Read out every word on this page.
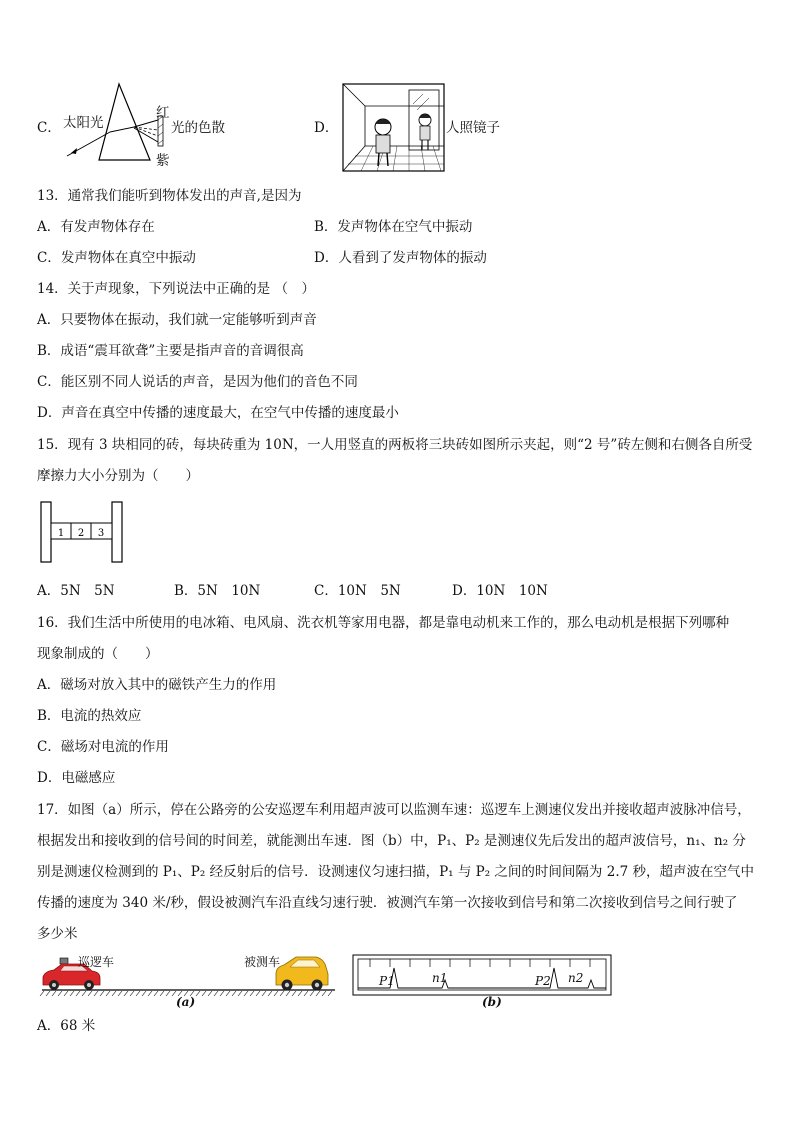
C． 太阳光
红
紫
光的色散	D．	人照镜子
13．通常我们能听到物体发出的声音,是因为
A．有发声物体存在	B．发声物体在空气中振动
C．发声物体在真空中振动	D．人看到了发声物体的振动
14．关于声现象，下列说法中正确的是 （　）
A．只要物体在振动，我们就一定能够听到声音
B．成语“震耳欲聋”主要是指声音的音调很高
C．能区别不同人说话的声音，是因为他们的音色不同
D．声音在真空中传播的速度最大，在空气中传播的速度最小
15．现有 3 块相同的砖，每块砖重为 10N，一人用竖直的两板将三块砖如图所示夹起，则“2 号”砖左侧和右侧各自所受
摩擦力大小分别为（　　）
1 2 3
A．5N　5N	B．5N　10N	C．10N　5N	D．10N　10N
16．我们生活中所使用的电冰箱、电风扇、洗衣机等家用电器，都是靠电动机来工作的，那么电动机是根据下列哪种
现象制成的（　　）
A．磁场对放入其中的磁铁产生力的作用
B．电流的热效应
C．磁场对电流的作用
D．电磁感应
17．如图（a）所示，停在公路旁的公安巡逻车利用超声波可以监测车速：巡逻车上测速仪发出并接收超声波脉冲信号，
根据发出和接收到的信号间的时间差，就能测出车速．图（b）中，P₁、P₂ 是测速仪先后发出的超声波信号，n₁、n₂ 分
别是测速仪检测到的 P₁、P₂ 经反射后的信号．设测速仪匀速扫描，P₁ 与 P₂ 之间的时间间隔为 2.7 秒，超声波在空气中
传播的速度为 340 米/秒，假设被测汽车沿直线匀速行驶．被测汽车第一次接收到信号和第二次接收到信号之间行驶了
多少米
巡逻车	被测车
(a)
P1	n1	P2 n2
(b)
A．68 米
